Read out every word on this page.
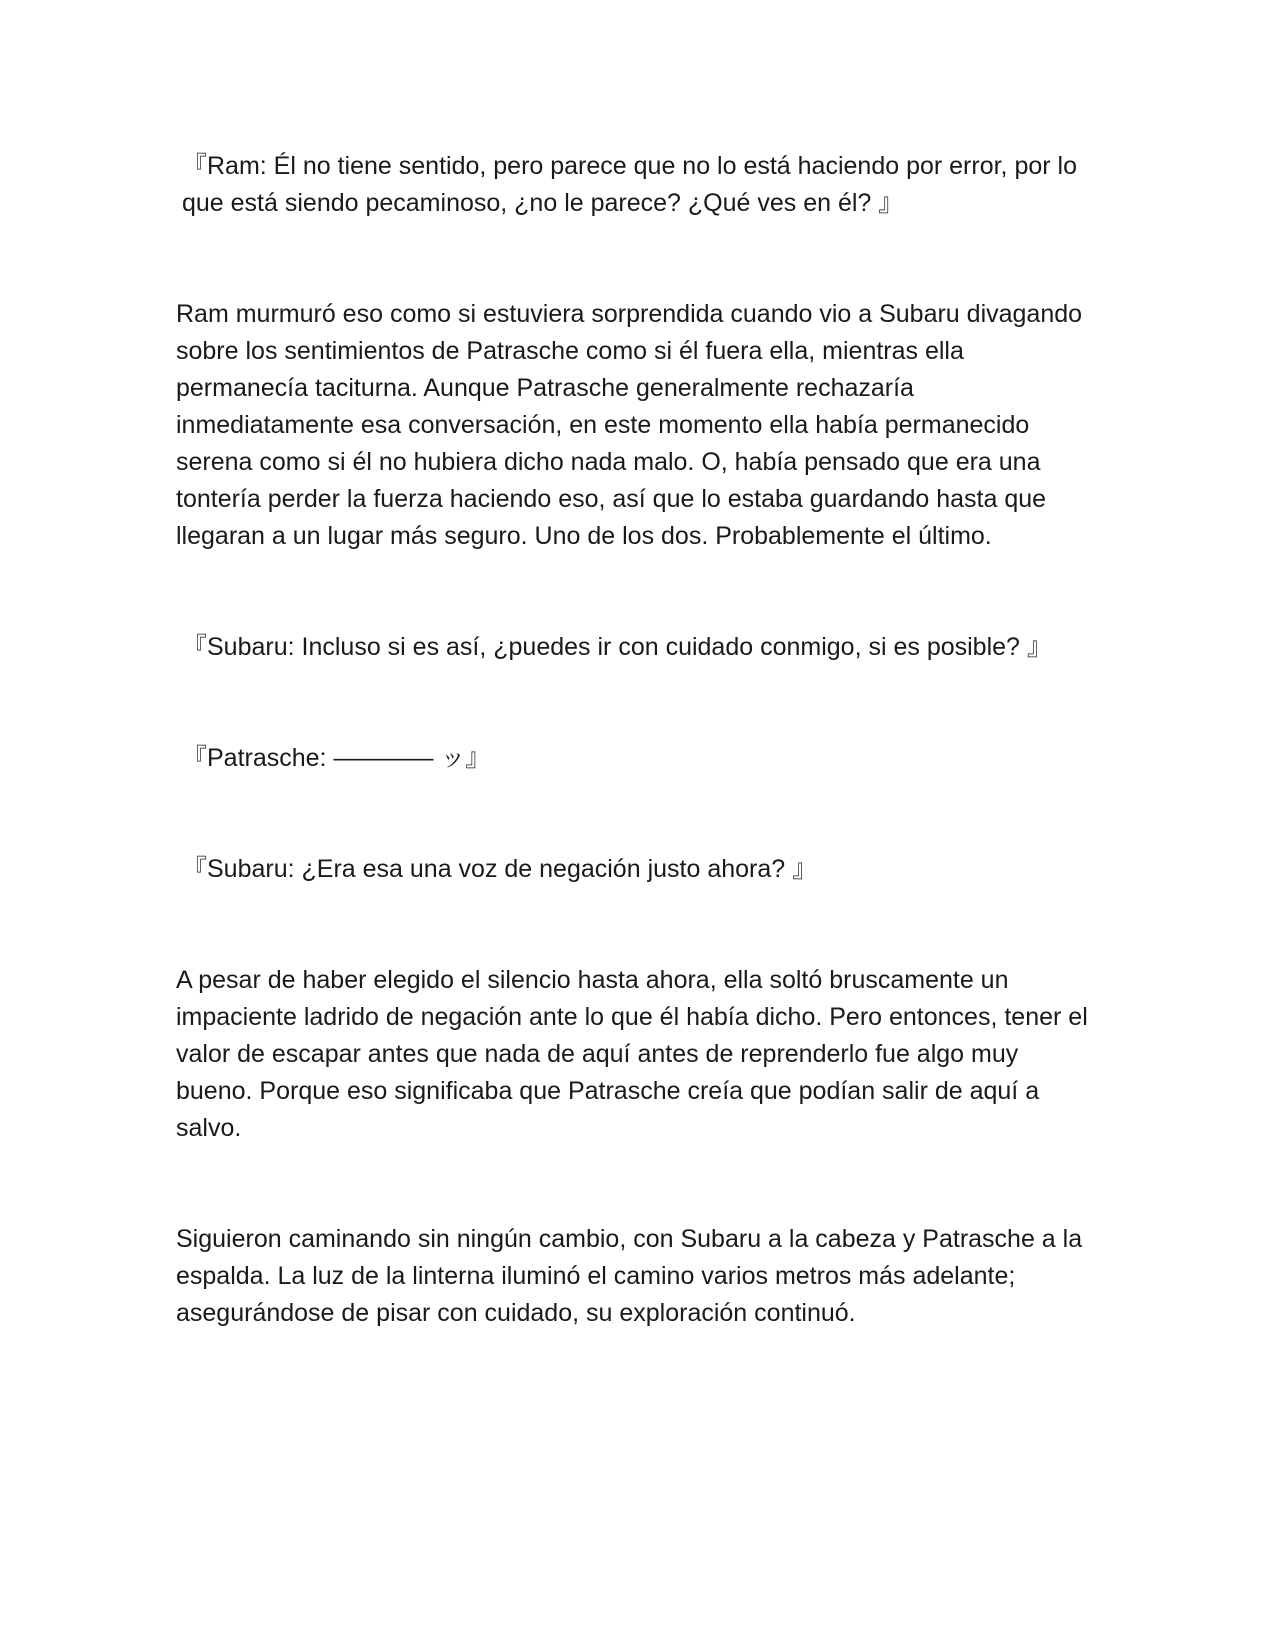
『Ram: Él no tiene sentido, pero parece que no lo está haciendo por error, por lo que está siendo pecaminoso, ¿no le parece? ¿Qué ves en él? 』

Ram murmuró eso como si estuviera sorprendida cuando vio a Subaru divagando sobre los sentimientos de Patrasche como si él fuera ella, mientras ella permanecía taciturna. Aunque Patrasche generalmente rechazaría inmediatamente esa conversación, en este momento ella había permanecido serena como si él no hubiera dicho nada malo. O, había pensado que era una tontería perder la fuerza haciendo eso, así que lo estaba guardando hasta que llegaran a un lugar más seguro. Uno de los dos. Probablemente el último.

『Subaru: Incluso si es así, ¿puedes ir con cuidado conmigo, si es posible? 』

『Patrasche: ———— ッ』

『Subaru: ¿Era esa una voz de negación justo ahora? 』

A pesar de haber elegido el silencio hasta ahora, ella soltó bruscamente un impaciente ladrido de negación ante lo que él había dicho. Pero entonces, tener el valor de escapar antes que nada de aquí antes de reprenderlo fue algo muy bueno. Porque eso significaba que Patrasche creía que podían salir de aquí a salvo.

Siguieron caminando sin ningún cambio, con Subaru a la cabeza y Patrasche a la espalda. La luz de la linterna iluminó el camino varios metros más adelante; asegurándose de pisar con cuidado, su exploración continuó.
